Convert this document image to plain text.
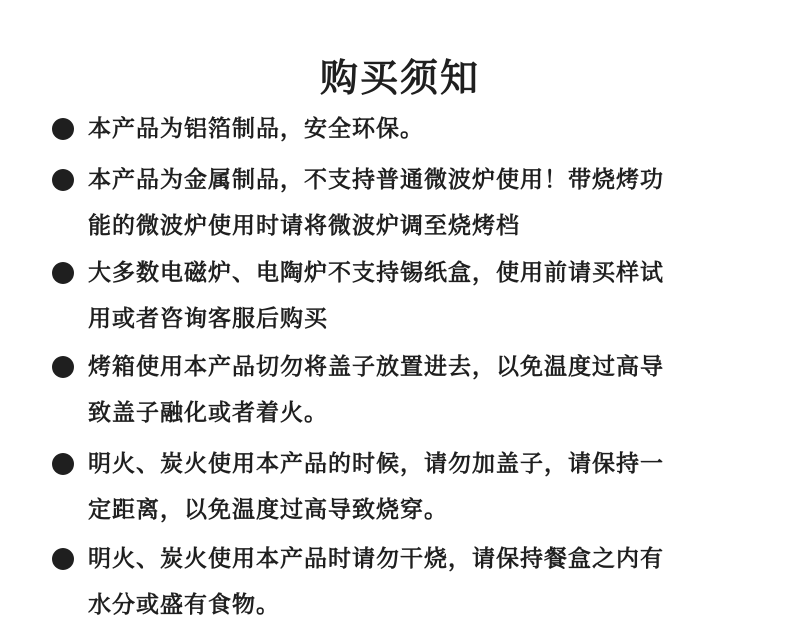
购买须知
本产品为铝箔制品，安全环保。
本产品为金属制品，不支持普通微波炉使用！带烧烤功
能的微波炉使用时请将微波炉调至烧烤档
大多数电磁炉、电陶炉不支持锡纸盒，使用前请买样试
用或者咨询客服后购买
烤箱使用本产品切勿将盖子放置进去，以免温度过高导
致盖子融化或者着火。
明火、炭火使用本产品的时候，请勿加盖子，请保持一
定距离，以免温度过高导致烧穿。
明火、炭火使用本产品时请勿干烧，请保持餐盒之内有
水分或盛有食物。
